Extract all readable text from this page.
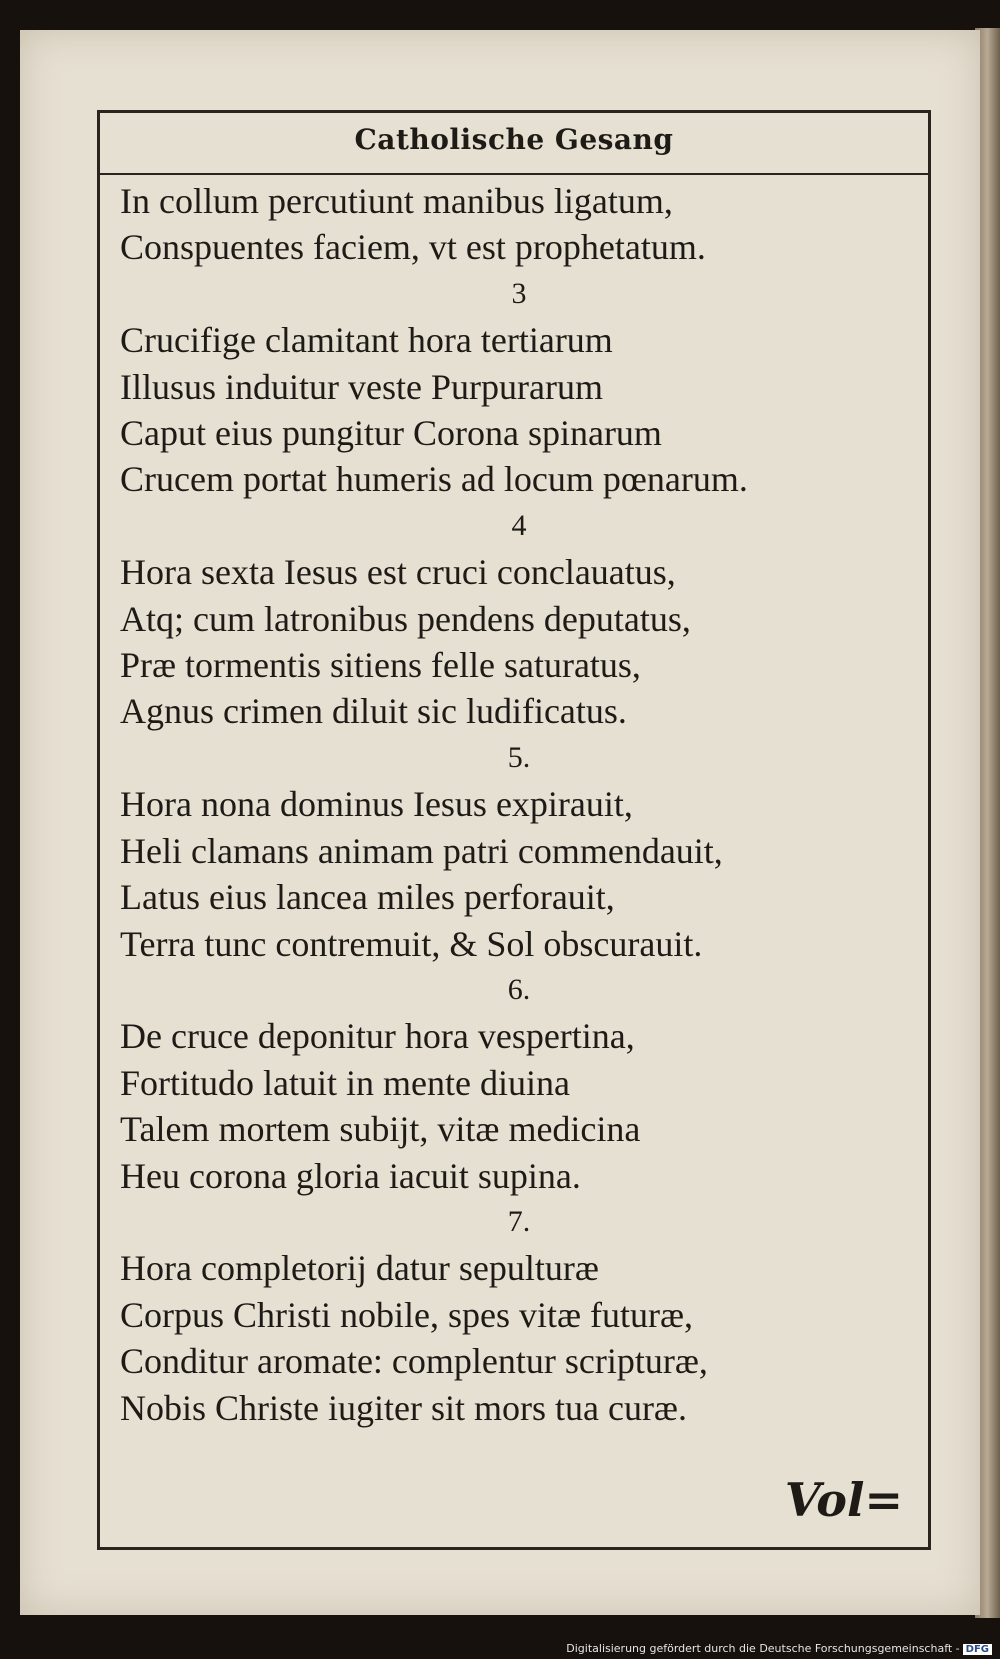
Catholische Gesang
In collum percutiunt manibus ligatum,
Conspuentes faciem, vt est prophetatum.
3
Crucifige clamitant hora tertiarum
Illusus induitur veste Purpurarum
Caput eius pungitur Corona spinarum
Crucem portat humeris ad locum pœnarum.
4
Hora sexta Iesus est cruci conclauatus,
Atq; cum latronibus pendens deputatus,
Præ tormentis sitiens felle saturatus,
Agnus crimen diluit sic ludificatus.
5.
Hora nona dominus Iesus expirauit,
Heli clamans animam patri commendauit,
Latus eius lancea miles perforauit,
Terra tunc contremuit, & Sol obscurauit.
6.
De cruce deponitur hora vespertina,
Fortitudo latuit in mente diuina
Talem mortem subijt, vitæ medicina
Heu corona gloria iacuit supina.
7.
Hora completorij datur sepulturæ
Corpus Christi nobile, spes vitæ futuræ,
Conditur aromate: complentur scripturæ,
Nobis Christe iugiter sit mors tua curæ.
Vol=
Digitalisierung gefördert durch die Deutsche Forschungsgemeinschaft - DFG
